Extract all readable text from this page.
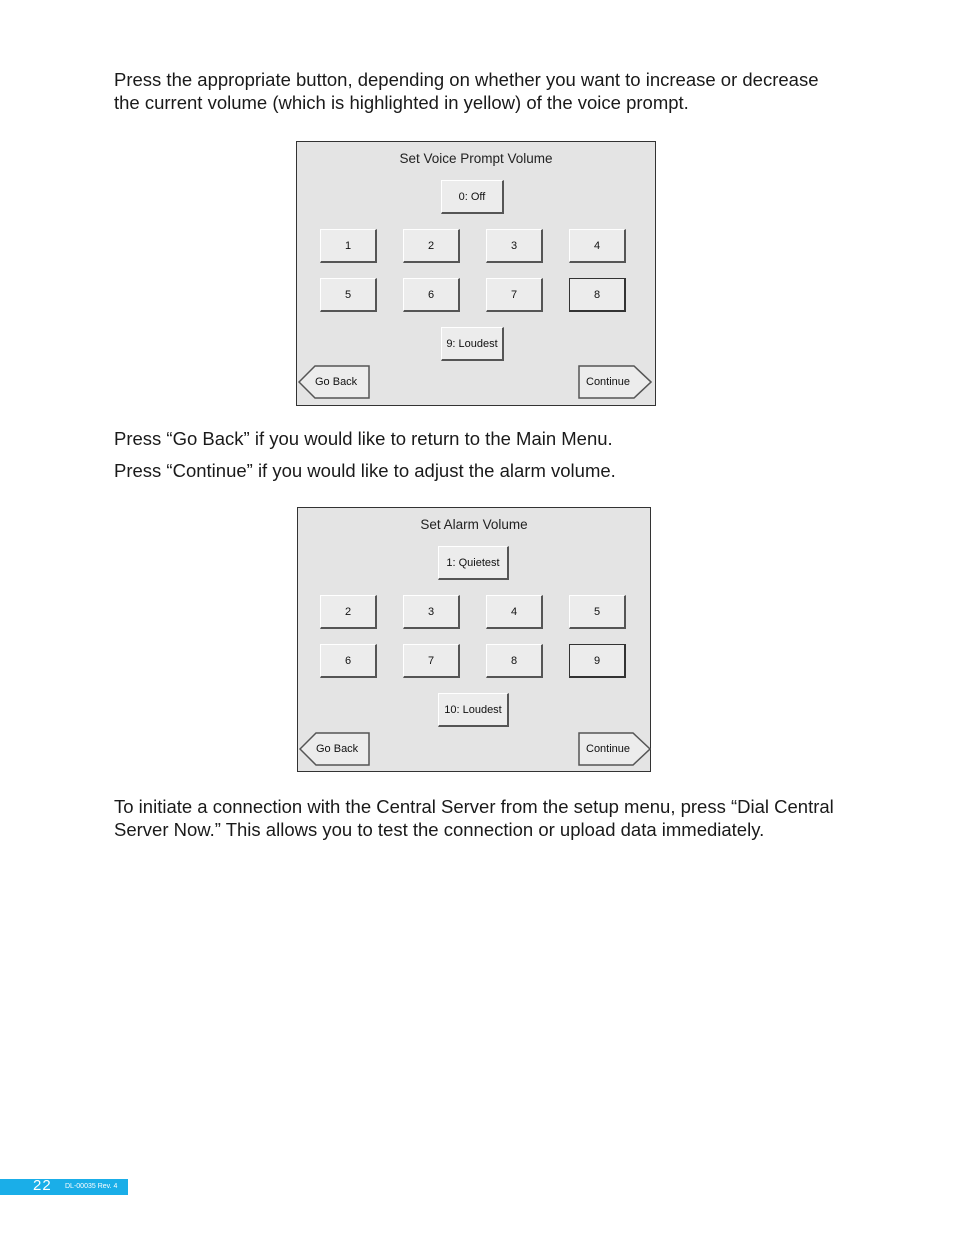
Press the appropriate button, depending on whether you want to increase or decrease the current volume (which is highlighted in yellow) of the voice prompt.

Set Voice Prompt Volume
0: Off
1	2	3	4
5	6	7	8
9: Loudest
Go Back	Continue

Press “Go Back” if you would like to return to the Main Menu.

Press “Continue” if you would like to adjust the alarm volume.

Set Alarm Volume
1: Quietest
2	3	4	5
6	7	8	9
10: Loudest
Go Back	Continue

To initiate a connection with the Central Server from the setup menu, press “Dial Central Server Now.” This allows you to test the connection or upload data immediately.

22 DL-00035 Rev. 4
